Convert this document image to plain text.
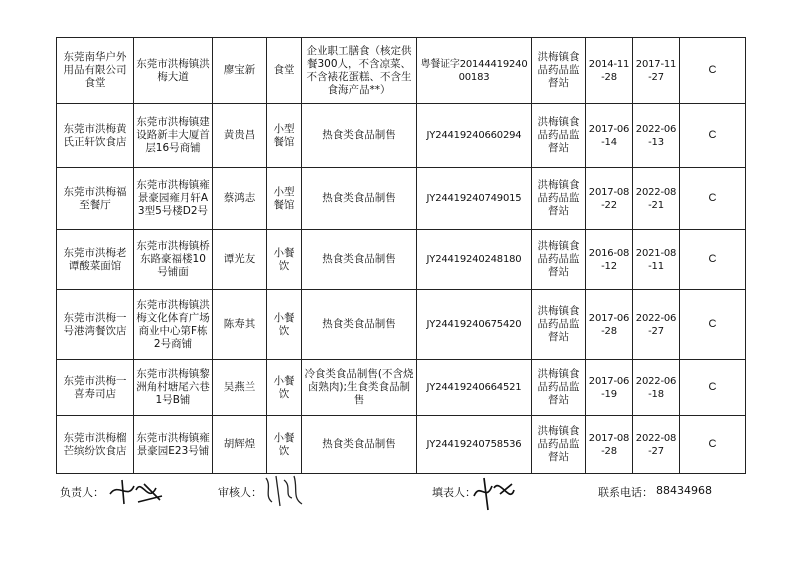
东莞南华户外用品有限公司食堂	东莞市洪梅镇洪梅大道	廖宝新	食堂	企业职工膳食（核定供餐300人，不含凉菜、不含裱花蛋糕、不含生食海产品**）	粤餐证字2014441924000183	洪梅镇食品药品监督站	2014-11-28	2017-11-27	C
东莞市洪梅黄氏正轩饮食店	东莞市洪梅镇建设路新丰大厦首层16号商铺	黄贵昌	小型餐馆	热食类食品制售	JY24419240660294	洪梅镇食品药品监督站	2017-06-14	2022-06-13	C
东莞市洪梅福至餐厅	东莞市洪梅镇雍景豪园雍月轩A3型5号楼D2号	蔡鸿志	小型餐馆	热食类食品制售	JY24419240749015	洪梅镇食品药品监督站	2017-08-22	2022-08-21	C
东莞市洪梅老谭酸菜面馆	东莞市洪梅镇桥东路豪福楼10号铺面	谭光友	小餐饮	热食类食品制售	JY24419240248180	洪梅镇食品药品监督站	2016-08-12	2021-08-11	C
东莞市洪梅一号港湾餐饮店	东莞市洪梅镇洪梅文化体育广场商业中心第F栋2号商铺	陈寿其	小餐饮	热食类食品制售	JY24419240675420	洪梅镇食品药品监督站	2017-06-28	2022-06-27	C
东莞市洪梅一喜寿司店	东莞市洪梅镇黎洲角村塘尾六巷1号B铺	吴燕兰	小餐饮	冷食类食品制售(不含烧卤熟肉);生食类食品制售	JY24419240664521	洪梅镇食品药品监督站	2017-06-19	2022-06-18	C
东莞市洪梅榴芒缤纷饮食店	东莞市洪梅镇雍景豪园E23号铺	胡辉煌	小餐饮	热食类食品制售	JY24419240758536	洪梅镇食品药品监督站	2017-08-28	2022-08-27	C
负责人：	审核人：	填表人：	联系电话： 88434968
